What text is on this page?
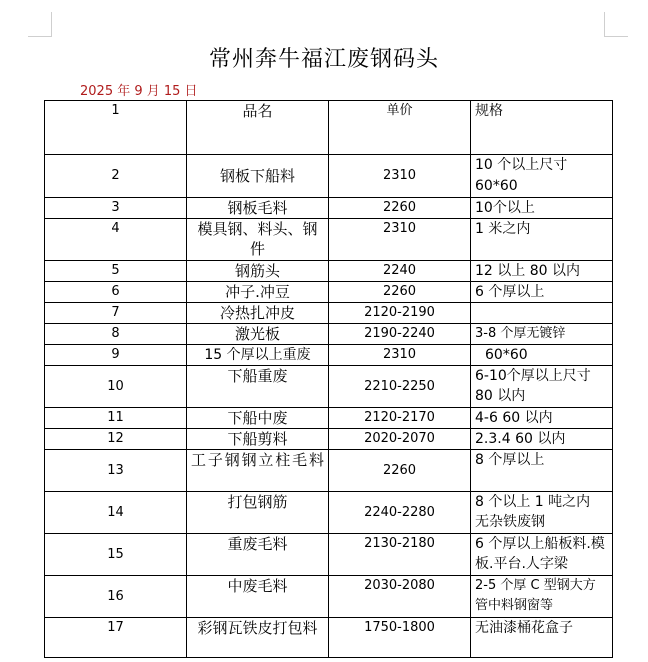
常州奔牛福江废钢码头
2025 年 9 月 15 日
1	品名	单价	规格
2	钢板下船料	2310	10 个以上尺寸 60*60
3	钢板毛料	2260	10个以上
4	模具钢、料头、钢件	2310	1 米之内
5	钢筋头	2240	12 以上 80 以内
6	冲子.冲豆	2260	6 个厚以上
7	冷热扎冲皮	2120-2190	
8	激光板	2190-2240	3-8 个厚无镀锌
9	15 个厚以上重废	2310	60*60
10	下船重废	2210-2250	6-10个厚以上尺寸 80 以内
11	下船中废	2120-2170	4-6 60 以内
12	下船剪料	2020-2070	2.3.4 60 以内
13	工子钢钢立柱毛料	2260	8 个厚以上
14	打包钢筋	2240-2280	8 个以上 1 吨之内 无杂铁废钢
15	重废毛料	2130-2180	6 个厚以上船板料.模板.平台.人字梁
16	中废毛料	2030-2080	2-5 个厚 C 型钢大方管中料钢窗等
17	彩钢瓦铁皮打包料	1750-1800	无油漆桶花盒子
